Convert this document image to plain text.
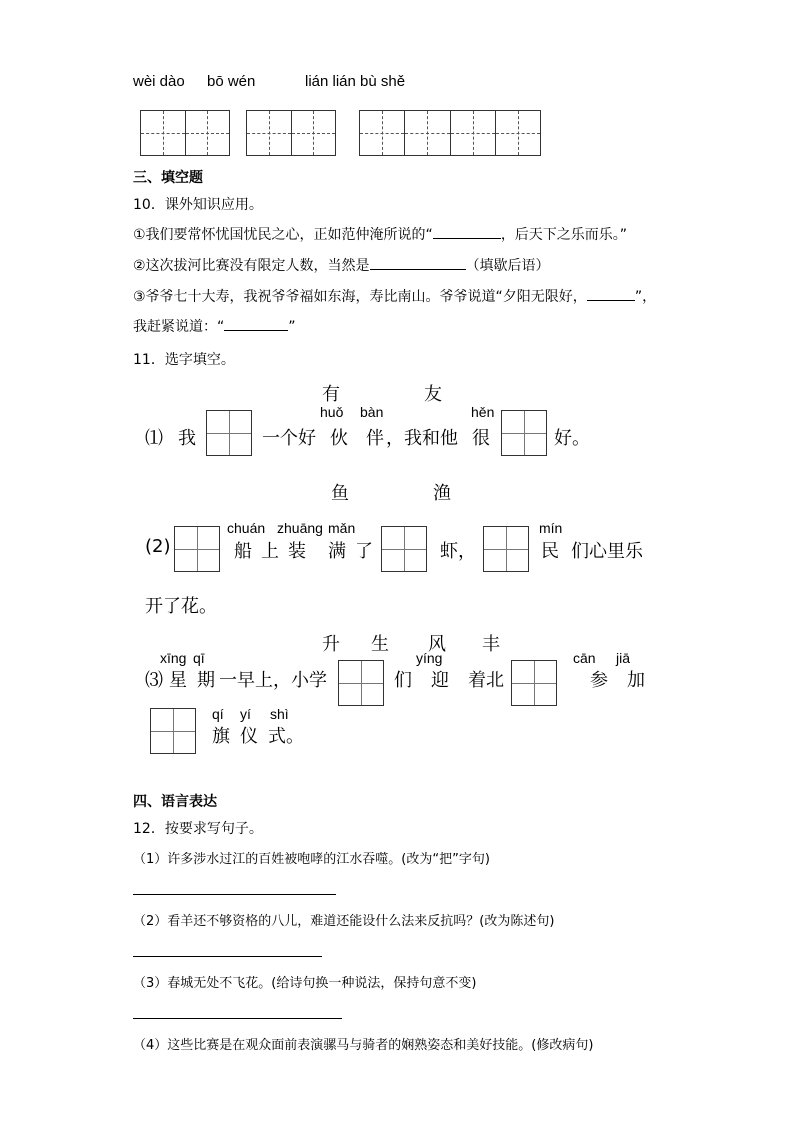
wèi dào bō wén	lián lián bù shě
三、填空题
10．课外知识应用。
①我们要常怀忧国忧民之心，正如范仲淹所说的“	，后天下之乐而乐。”
②这次拔河比赛没有限定人数，当然是	（填歇后语）
③爷爷七十大寿，我祝爷爷福如东海，寿比南山。爷爷说道“夕阳无限好，	”，
我赶紧说道：“	”
11．选字填空。
有	友
⑴ 我	一个好
huǒ
伙
bàn
伴 ，我和他
hěn
很	好。
鱼	渔
(2)
chuán
船 上
zhuāng
装
mǎn
满 了	虾，
mín
民 们心里乐
开了花。
升 生 风 丰
⑶
xīng
星
qī
期 一早上，小学	们
yíng
迎 着北
cān
参
jiā
加
qí
旗
yí
仪
shì
式。
四、语言表达
12．按要求写句子。
（1）许多涉水过江的百姓被咆哮的江水吞噬。(改为“把”字句)
（2）看羊还不够资格的八儿，难道还能设什么法来反抗吗？(改为陈述句)
（3）春城无处不飞花。(给诗句换一种说法，保持句意不变)
（4）这些比赛是在观众面前表演骡马与骑者的娴熟姿态和美好技能。(修改病句)
